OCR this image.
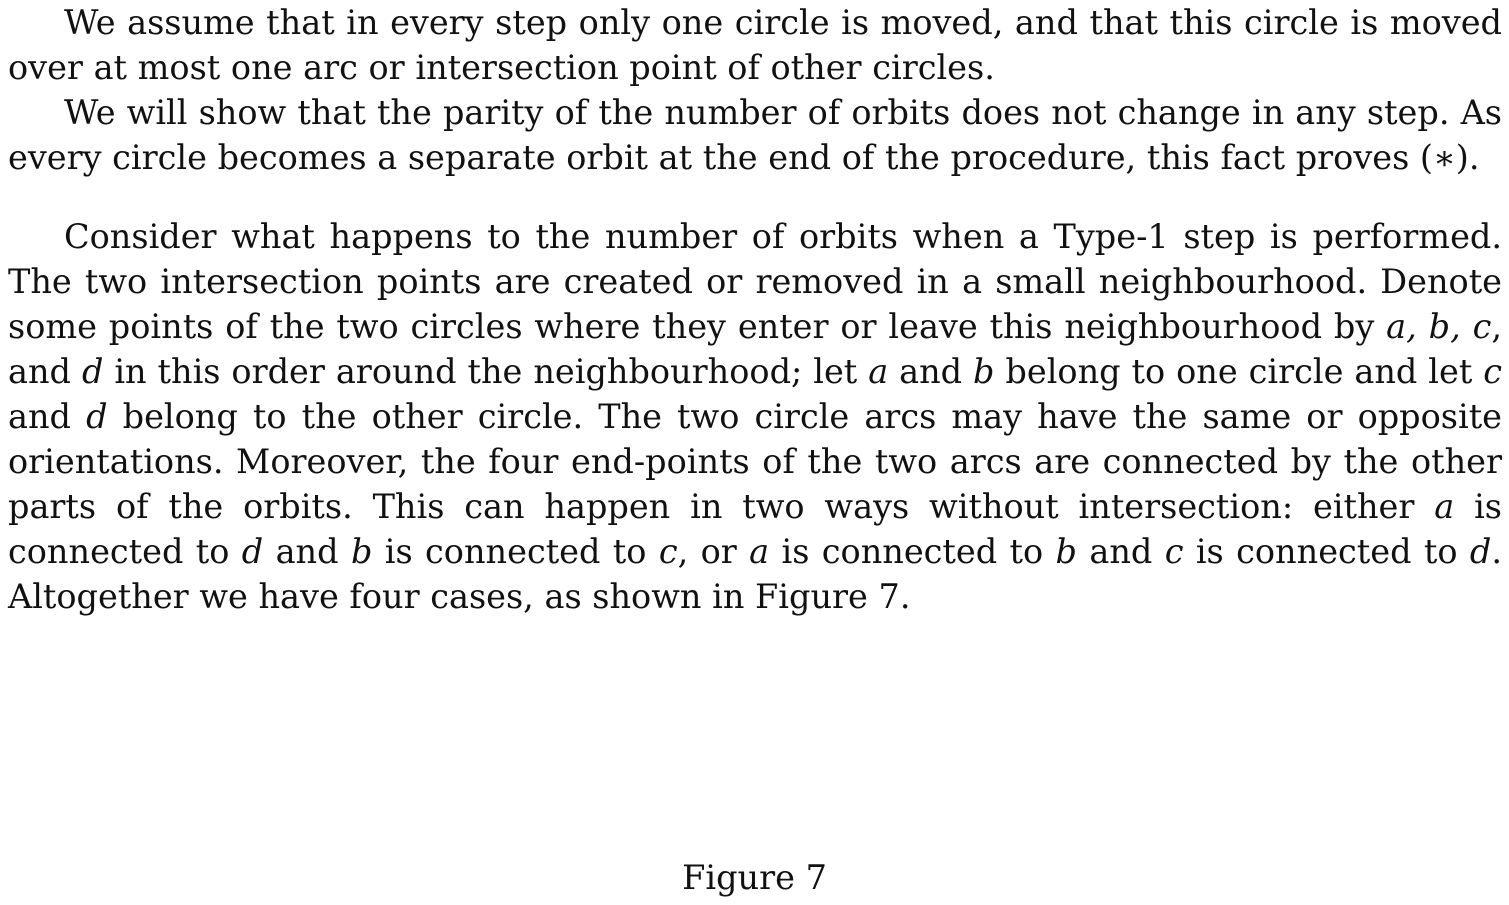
We assume that in every step only one circle is moved, and that this circle is moved over at most one arc or intersection point of other circles.

We will show that the parity of the number of orbits does not change in any step. As every circle becomes a separate orbit at the end of the procedure, this fact proves (∗).

Consider what happens to the number of orbits when a Type-1 step is performed. The two intersection points are created or removed in a small neighbourhood. Denote some points of the two circles where they enter or leave this neighbourhood by a, b, c, and d in this order around the neighbourhood; let a and b belong to one circle and let c and d belong to the other circle. The two circle arcs may have the same or opposite orientations. Moreover, the four end-points of the two arcs are connected by the other parts of the orbits. This can happen in two ways without intersection: either a is connected to d and b is connected to c, or a is connected to b and c is connected to d. Altogether we have four cases, as shown in Figure 7.

Figure 7
